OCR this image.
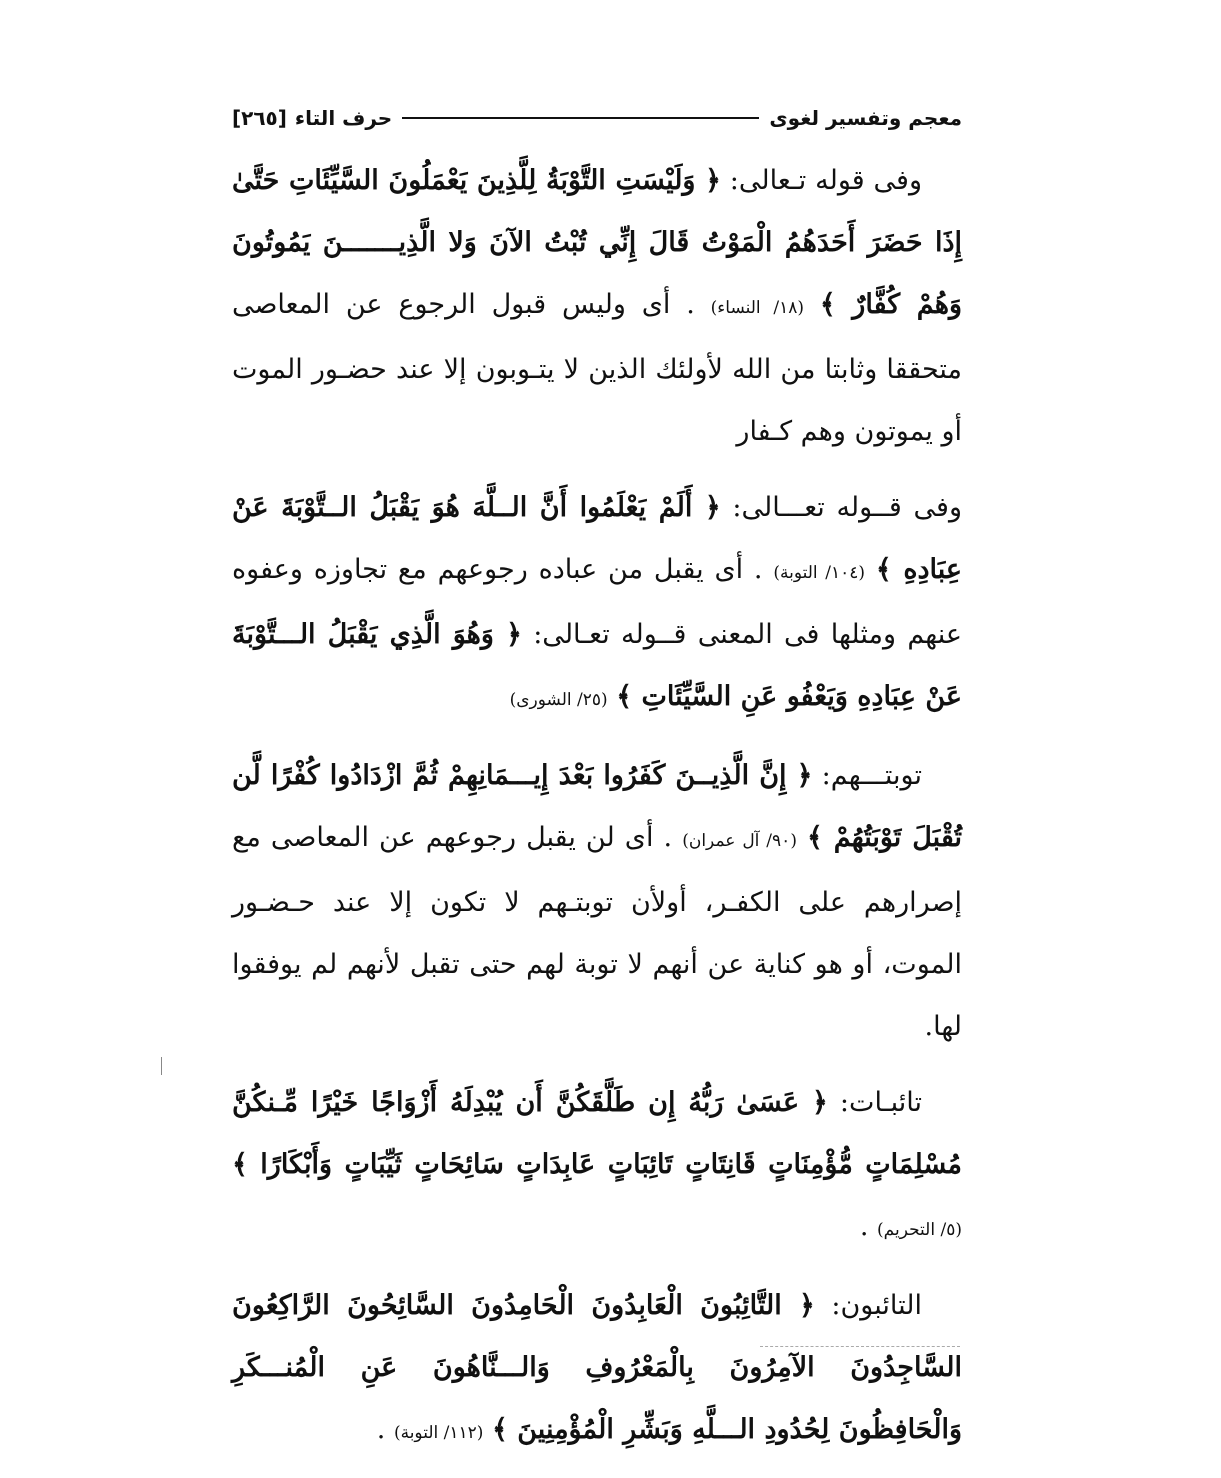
معجم وتفسير لغوى
حرف التاء
[٢٦٥]

وفى قوله تـعالى: ﴿ وَلَيْسَتِ التَّوْبَةُ لِلَّذِينَ يَعْمَلُونَ السَّيِّئَاتِ حَتَّىٰ إِذَا حَضَرَ أَحَدَهُمُ الْمَوْتُ قَالَ إِنِّي تُبْتُ الآنَ وَلا الَّذِيـــــــنَ يَمُوتُونَ وَهُمْ كُفَّارٌ ﴾ (١٨/ النساء) . أى وليس قبول الرجوع عن المعاصى متحققا وثابتا من الله لأولئك الذين لا يتـوبون إلا عند حضـور الموت أو يموتون وهم كـفار

وفى قــوله تعـــالى: ﴿ أَلَمْ يَعْلَمُوا أَنَّ الــلَّهَ هُوَ يَقْبَلُ الــتَّوْبَةَ عَنْ عِبَادِهِ ﴾ (١٠٤/ التوبة) . أى يقبل من عباده رجوعهم مع تجاوزه وعفوه عنهم ومثلها فى المعنى قــوله تعـالى: ﴿ وَهُوَ الَّذِي يَقْبَلُ الـــتَّوْبَةَ عَنْ عِبَادِهِ وَيَعْفُو عَنِ السَّيِّئَاتِ ﴾ (٢٥/ الشورى)

توبتـــهم: ﴿ إِنَّ الَّذِيــنَ كَفَرُوا بَعْدَ إِيـــمَانِهِمْ ثُمَّ ازْدَادُوا كُفْرًا لَّن تُقْبَلَ تَوْبَتُهُمْ ﴾ (٩٠/ آل عمران) . أى لن يقبل رجوعهم عن المعاصى مع إصرارهم على الكفـر، أولأن توبتـهم لا تكون إلا عند حـضـور الموت، أو هو كناية عن أنهم لا توبة لهم حتى تقبل لأنهم لم يوفقوا لها.

تائبـات: ﴿ عَسَىٰ رَبُّهُ إِن طَلَّقَكُنَّ أَن يُبْدِلَهُ أَزْوَاجًا خَيْرًا مِّـنكُنَّ مُسْلِمَاتٍ مُّؤْمِنَاتٍ قَانِتَاتٍ تَائِبَاتٍ عَابِدَاتٍ سَائِحَاتٍ ثَيِّبَاتٍ وَأَبْكَارًا ﴾ (٥/ التحريم) .

التائبون: ﴿ التَّائِبُونَ الْعَابِدُونَ الْحَامِدُونَ السَّائِحُونَ الرَّاكِعُونَ السَّاجِدُونَ الآمِرُونَ بِالْمَعْرُوفِ وَالـــنَّاهُونَ عَنِ الْمُنـــكَرِ وَالْحَافِظُونَ لِحُدُودِ الـــلَّهِ وَبَشِّرِ الْمُؤْمِنِينَ ﴾ (١١٢/ التوبة) .
